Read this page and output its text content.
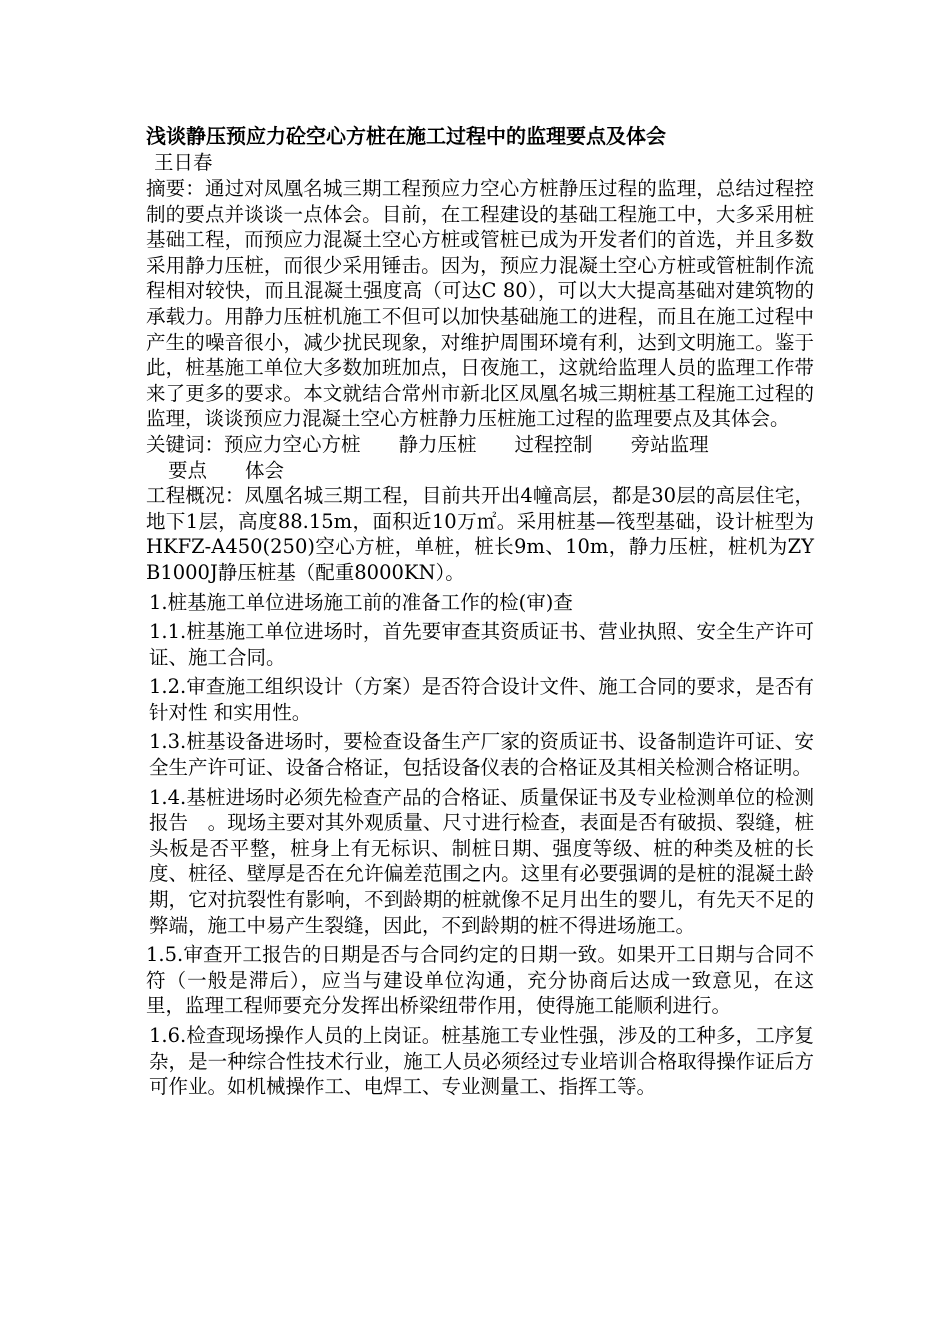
浅谈静压预应力砼空心方桩在施工过程中的监理要点及体会

王日春

摘要：通过对凤凰名城三期工程预应力空心方桩静压过程的监理，总结过程控制的要点并谈谈一点体会。目前，在工程建设的基础工程施工中，大多采用桩基础工程，而预应力混凝土空心方桩或管桩已成为开发者们的首选，并且多数采用静力压桩，而很少采用锤击。因为，预应力混凝土空心方桩或管桩制作流程相对较快，而且混凝土强度高（可达C 80），可以大大提高基础对建筑物的承载力。用静力压桩机施工不但可以加快基础施工的进程，而且在施工过程中产生的噪音很小，减少扰民现象，对维护周围环境有利，达到文明施工。鉴于此，桩基施工单位大多数加班加点，日夜施工，这就给监理人员的监理工作带来了更多的要求。本文就结合常州市新北区凤凰名城三期桩基工程施工过程的监理，谈谈预应力混凝土空心方桩静力压桩施工过程的监理要点及其体会。

关键词：预应力空心方桩 静力压桩 过程控制 旁站监理
要点 体会

工程概况：凤凰名城三期工程，目前共开出4幢高层，都是30层的高层住宅，地下1层，高度88.15m，面积近10万㎡。采用桩基—筏型基础，设计桩型为HKFZ-A450(250)空心方桩，单桩，桩长9m、10m，静力压桩，桩机为ZYB1000J静压桩基（配重8000KN）。

1.桩基施工单位进场施工前的准备工作的检(审)查

1.1.桩基施工单位进场时，首先要审查其资质证书、营业执照、安全生产许可证、施工合同。

1.2.审查施工组织设计（方案）是否符合设计文件、施工合同的要求，是否有针对性 和实用性。

1.3.桩基设备进场时，要检查设备生产厂家的资质证书、设备制造许可证、安全生产许可证、设备合格证，包括设备仪表的合格证及其相关检测合格证明。

1.4.基桩进场时必须先检查产品的合格证、质量保证书及专业检测单位的检测报告　。现场主要对其外观质量、尺寸进行检查，表面是否有破损、裂缝，桩头板是否平整，桩身上有无标识、制桩日期、强度等级、桩的种类及桩的长度、桩径、壁厚是否在允许偏差范围之内。这里有必要强调的是桩的混凝土龄期，它对抗裂性有影响，不到龄期的桩就像不足月出生的婴儿，有先天不足的弊端，施工中易产生裂缝，因此，不到龄期的桩不得进场施工。

1.5.审查开工报告的日期是否与合同约定的日期一致。如果开工日期与合同不符（一般是滞后），应当与建设单位沟通，充分协商后达成一致意见，在这里，监理工程师要充分发挥出桥梁纽带作用，使得施工能顺利进行。

1.6.检查现场操作人员的上岗证。桩基施工专业性强，涉及的工种多，工序复杂，是一种综合性技术行业，施工人员必须经过专业培训合格取得操作证后方可作业。如机械操作工、电焊工、专业测量工、指挥工等。
